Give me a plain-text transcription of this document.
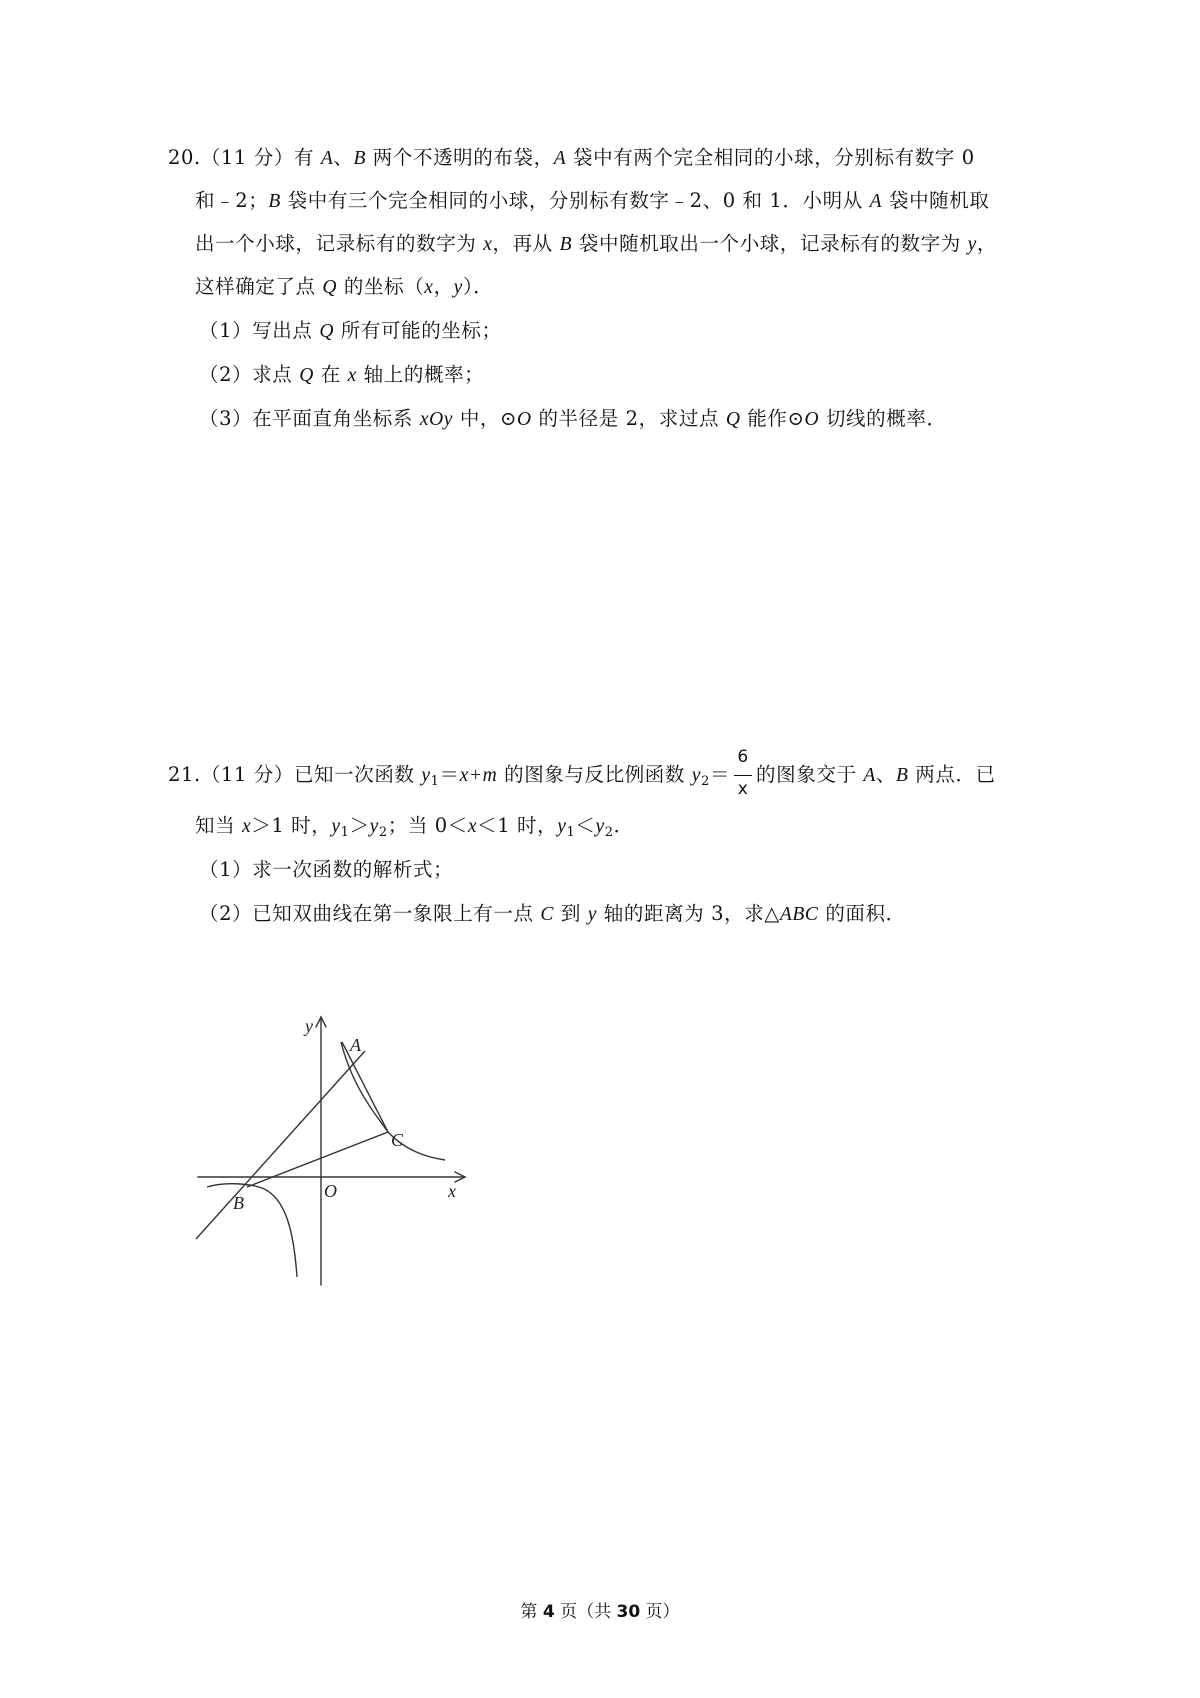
20.（11 分）有 A、B 两个不透明的布袋，A 袋中有两个完全相同的小球，分别标有数字 0
和﹣2；B 袋中有三个完全相同的小球，分别标有数字﹣2、0 和 1．小明从 A 袋中随机取
出一个小球，记录标有的数字为 x，再从 B 袋中随机取出一个小球，记录标有的数字为 y，
这样确定了点 Q 的坐标（x，y）．
（1）写出点 Q 所有可能的坐标；
（2）求点 Q 在 x 轴上的概率；
（3）在平面直角坐标系 xOy 中，⊙O 的半径是 2，求过点 Q 能作⊙O 切线的概率．
21.（11 分）已知一次函数 $y_1=x+m$ 的图象与反比例函数 $y_2= \frac{6}{x}$ 的图象交于 A、B 两点．已
知当 x＞1 时，$y_1>y_2$；当 0＜x＜1 时，$y_1<y_2$．
（1）求一次函数的解析式；
（2）已知双曲线在第一象限上有一点 C 到 y 轴的距离为 3，求△ABC 的面积．
y
x
O
A
B
C
第 4 页（共 30 页）
